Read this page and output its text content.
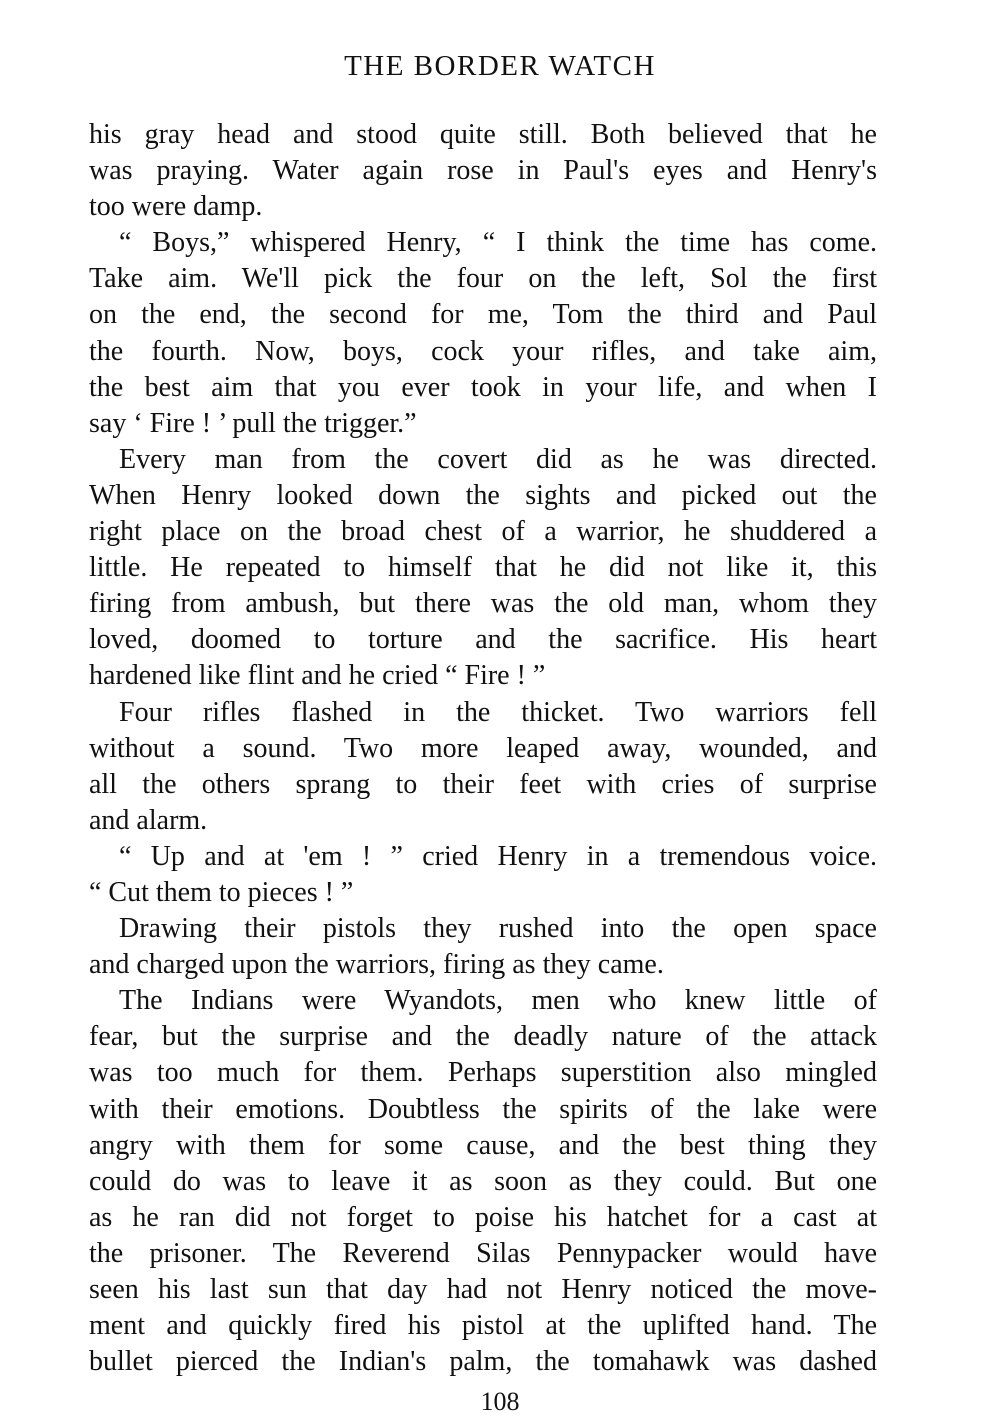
THE BORDER WATCH
his gray head and stood quite still. Both believed that he
was praying. Water again rose in Paul's eyes and Henry's
too were damp.
“ Boys,” whispered Henry, “ I think the time has come.
Take aim. We'll pick the four on the left, Sol the first
on the end, the second for me, Tom the third and Paul
the fourth. Now, boys, cock your rifles, and take aim,
the best aim that you ever took in your life, and when I
say ‘ Fire ! ’ pull the trigger.”
Every man from the covert did as he was directed.
When Henry looked down the sights and picked out the
right place on the broad chest of a warrior, he shuddered a
little. He repeated to himself that he did not like it, this
firing from ambush, but there was the old man, whom they
loved, doomed to torture and the sacrifice. His heart
hardened like flint and he cried “ Fire ! ”
Four rifles flashed in the thicket. Two warriors fell
without a sound. Two more leaped away, wounded, and
all the others sprang to their feet with cries of surprise
and alarm.
“ Up and at 'em ! ” cried Henry in a tremendous voice.
“ Cut them to pieces ! ”
Drawing their pistols they rushed into the open space
and charged upon the warriors, firing as they came.
The Indians were Wyandots, men who knew little of
fear, but the surprise and the deadly nature of the attack
was too much for them. Perhaps superstition also mingled
with their emotions. Doubtless the spirits of the lake were
angry with them for some cause, and the best thing they
could do was to leave it as soon as they could. But one
as he ran did not forget to poise his hatchet for a cast at
the prisoner. The Reverend Silas Pennypacker would have
seen his last sun that day had not Henry noticed the move-
ment and quickly fired his pistol at the uplifted hand. The
bullet pierced the Indian's palm, the tomahawk was dashed
108
